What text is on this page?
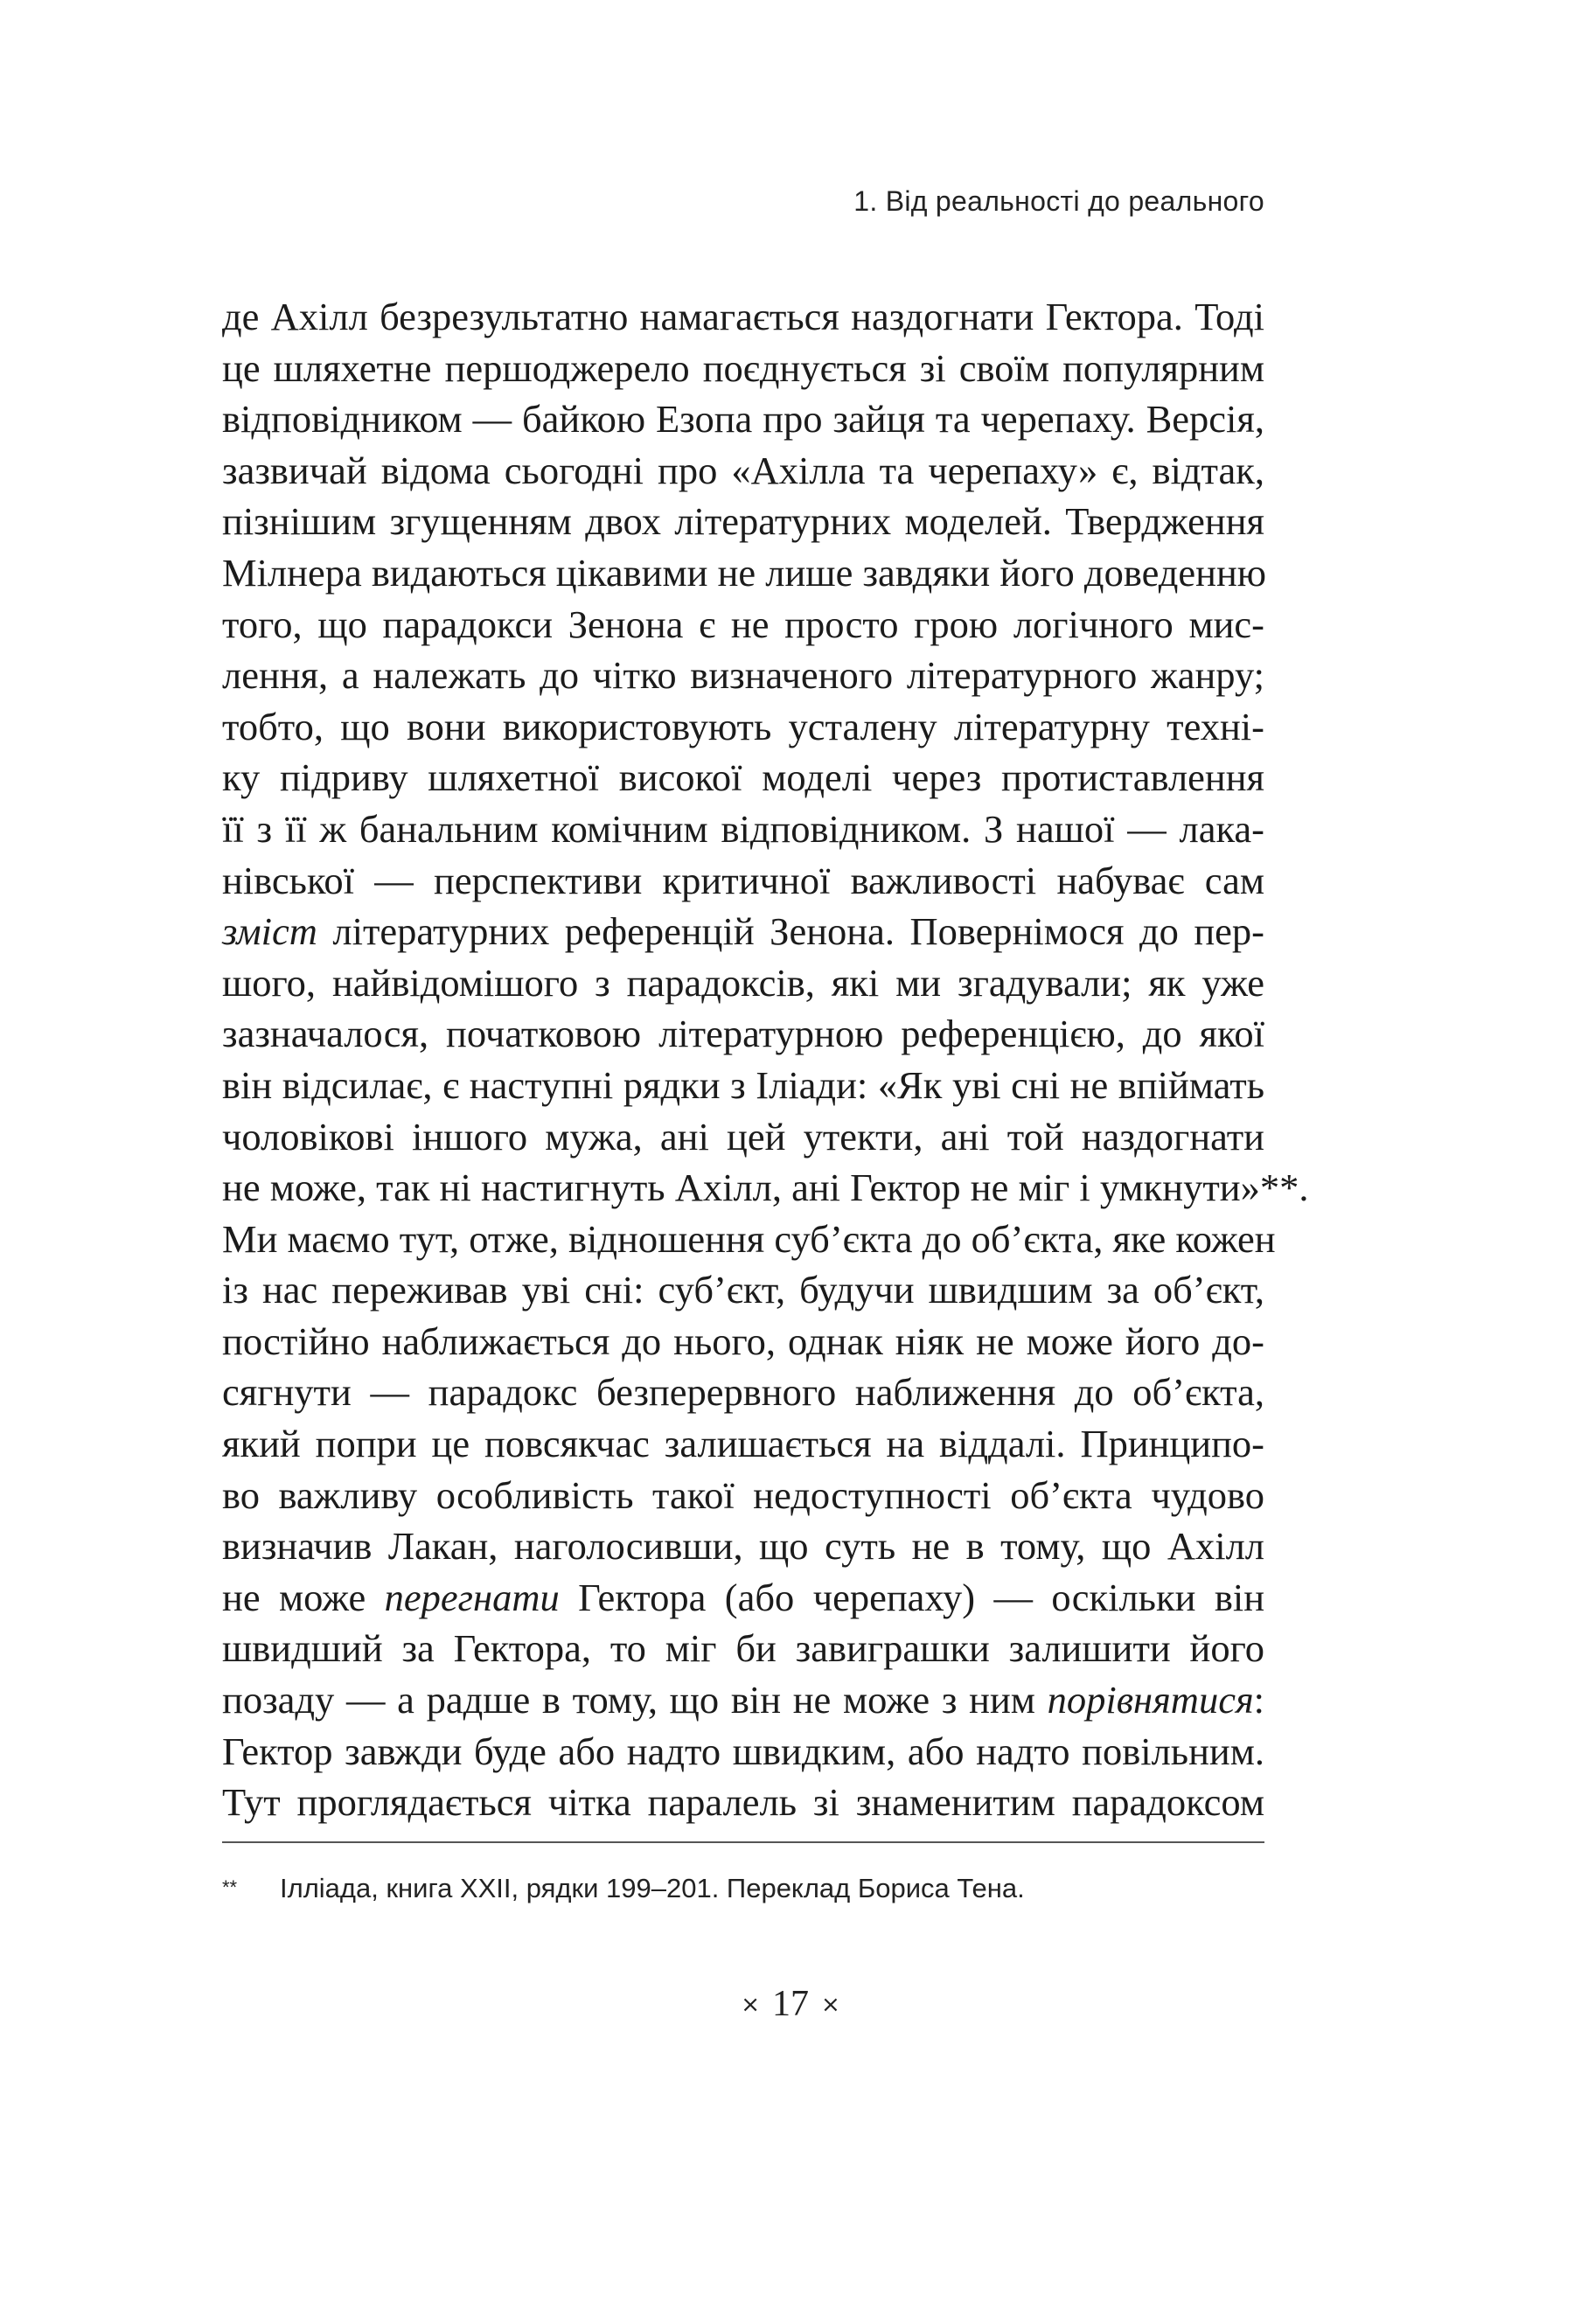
1. Від реальності до реального
де Ахілл безрезультатно намагається наздогнати Гектора. Тоді
це шляхетне першоджерело поєднується зі своїм популярним
відповідником — байкою Езопа про зайця та черепаху. Версія,
зазвичай відома сьогодні про «Ахілла та черепаху» є, відтак,
пізнішим згущенням двох літературних моделей. Твердження
Мілнера видаються цікавими не лише завдяки його доведенню
того, що парадокси Зенона є не просто грою логічного мис-
лення, а належать до чітко визначеного літературного жанру;
тобто, що вони використовують усталену літературну техні-
ку підриву шляхетної високої моделі через протиставлення
її з її ж банальним комічним відповідником. З нашої — лака-
нівської — перспективи критичної важливості набуває сам
зміст літературних референцій Зенона. Повернімося до пер-
шого, найвідомішого з парадоксів, які ми згадували; як уже
зазначалося, початковою літературною референцією, до якої
він відсилає, є наступні рядки з Іліади: «Як уві сні не впіймать
чоловікові іншого мужа, ані цей утекти, ані той наздогнати
не може, так ні настигнуть Ахілл, ані Гектор не міг і умкнути»**.
Ми маємо тут, отже, відношення суб’єкта до об’єкта, яке кожен
із нас переживав уві сні: суб’єкт, будучи швидшим за об’єкт,
постійно наближається до нього, однак ніяк не може його до-
сягнути — парадокс безперервного наближення до об’єкта,
який попри це повсякчас залишається на віддалі. Принципо-
во важливу особливість такої недоступності об’єкта чудово
визначив Лакан, наголосивши, що суть не в тому, що Ахілл
не може перегнати Гектора (або черепаху) — оскільки він
швидший за Гектора, то міг би завиграшки залишити його
позаду — а радше в тому, що він не може з ним порівнятися:
Гектор завжди буде або надто швидким, або надто повільним.
Тут проглядається чітка паралель зі знаменитим парадоксом
** Ілліада, книга XXII, рядки 199–201. Переклад Бориса Тена.
× 17 ×
